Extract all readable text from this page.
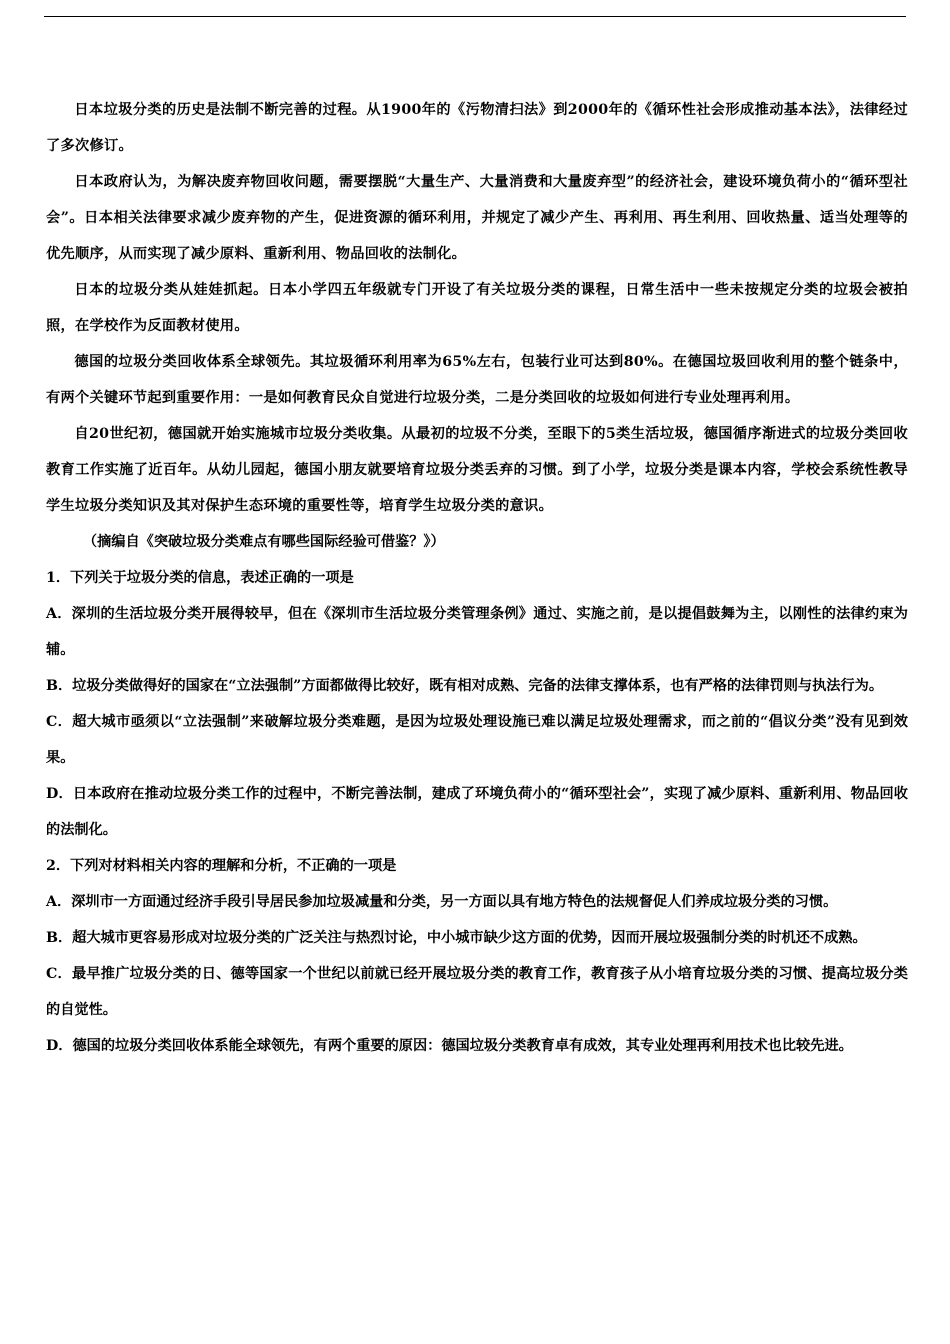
日本垃圾分类的历史是法制不断完善的过程。从1900年的《污物清扫法》到2000年的《循环性社会形成推动基本法》，法律经过了多次修订。

日本政府认为，为解决废弃物回收问题，需要摆脱“大量生产、大量消费和大量废弃型”的经济社会，建设环境负荷小的“循环型社会”。日本相关法律要求减少废弃物的产生，促进资源的循环利用，并规定了减少产生、再利用、再生利用、回收热量、适当处理等的优先顺序，从而实现了减少原料、重新利用、物品回收的法制化。

日本的垃圾分类从娃娃抓起。日本小学四五年级就专门开设了有关垃圾分类的课程，日常生活中一些未按规定分类的垃圾会被拍照，在学校作为反面教材使用。

德国的垃圾分类回收体系全球领先。其垃圾循环利用率为65%左右，包装行业可达到80%。在德国垃圾回收利用的整个链条中，有两个关键环节起到重要作用：一是如何教育民众自觉进行垃圾分类，二是分类回收的垃圾如何进行专业处理再利用。

自20世纪初，德国就开始实施城市垃圾分类收集。从最初的垃圾不分类，至眼下的5类生活垃圾，德国循序渐进式的垃圾分类回收教育工作实施了近百年。从幼儿园起，德国小朋友就要培育垃圾分类丢弃的习惯。到了小学，垃圾分类是课本内容，学校会系统性教导学生垃圾分类知识及其对保护生态环境的重要性等，培育学生垃圾分类的意识。

（摘编自《突破垃圾分类难点有哪些国际经验可借鉴？》）

1．下列关于垃圾分类的信息，表述正确的一项是

A．深圳的生活垃圾分类开展得较早，但在《深圳市生活垃圾分类管理条例》通过、实施之前，是以提倡鼓舞为主，以刚性的法律约束为辅。

B．垃圾分类做得好的国家在“立法强制”方面都做得比较好，既有相对成熟、完备的法律支撑体系，也有严格的法律罚则与执法行为。

C．超大城市亟须以“立法强制”来破解垃圾分类难题，是因为垃圾处理设施已难以满足垃圾处理需求，而之前的“倡议分类”没有见到效果。

D．日本政府在推动垃圾分类工作的过程中，不断完善法制，建成了环境负荷小的“循环型社会”，实现了减少原料、重新利用、物品回收的法制化。

2．下列对材料相关内容的理解和分析，不正确的一项是

A．深圳市一方面通过经济手段引导居民参加垃圾减量和分类，另一方面以具有地方特色的法规督促人们养成垃圾分类的习惯。

B．超大城市更容易形成对垃圾分类的广泛关注与热烈讨论，中小城市缺少这方面的优势，因而开展垃圾强制分类的时机还不成熟。

C．最早推广垃圾分类的日、德等国家一个世纪以前就已经开展垃圾分类的教育工作，教育孩子从小培育垃圾分类的习惯、提高垃圾分类的自觉性。

D．德国的垃圾分类回收体系能全球领先，有两个重要的原因：德国垃圾分类教育卓有成效，其专业处理再利用技术也比较先进。
